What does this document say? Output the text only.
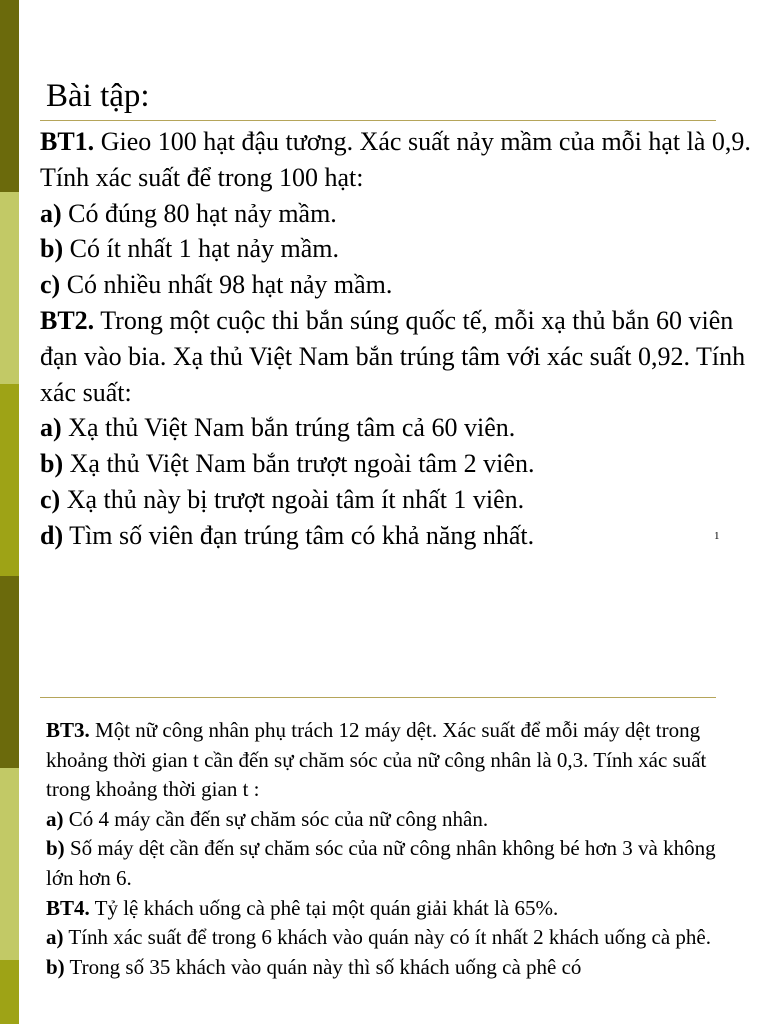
Bài tập:

BT1. Gieo 100 hạt đậu tương. Xác suất nảy mầm của mỗi hạt là 0,9. Tính xác suất để trong 100 hạt:

a) Có đúng 80 hạt nảy mầm.

b) Có ít nhất 1 hạt nảy mầm.

c) Có nhiều nhất 98 hạt nảy mầm.

BT2. Trong một cuộc thi bắn súng quốc tế, mỗi xạ thủ bắn 60 viên đạn vào bia. Xạ thủ Việt Nam bắn trúng tâm với xác suất 0,92. Tính xác suất:

a) Xạ thủ Việt Nam bắn trúng tâm cả 60 viên.

b) Xạ thủ Việt Nam bắn trượt ngoài tâm 2 viên.

c) Xạ thủ này bị trượt ngoài tâm ít nhất 1 viên.

d) Tìm số viên đạn trúng tâm có khả năng nhất.	1

BT3. Một nữ công nhân phụ trách 12 máy dệt. Xác suất để mỗi máy dệt trong khoảng thời gian t cần đến sự chăm sóc của nữ công nhân là 0,3. Tính xác suất trong khoảng thời gian t :

a) Có 4 máy cần đến sự chăm sóc của nữ công nhân.

b) Số máy dệt cần đến sự chăm sóc của nữ công nhân không bé hơn 3 và không lớn hơn 6.

BT4. Tỷ lệ khách uống cà phê tại một quán giải khát là 65%.

a) Tính xác suất để trong 6 khách vào quán này có ít nhất 2 khách uống cà phê.

b) Trong số 35 khách vào quán này thì số khách uống cà phê có
